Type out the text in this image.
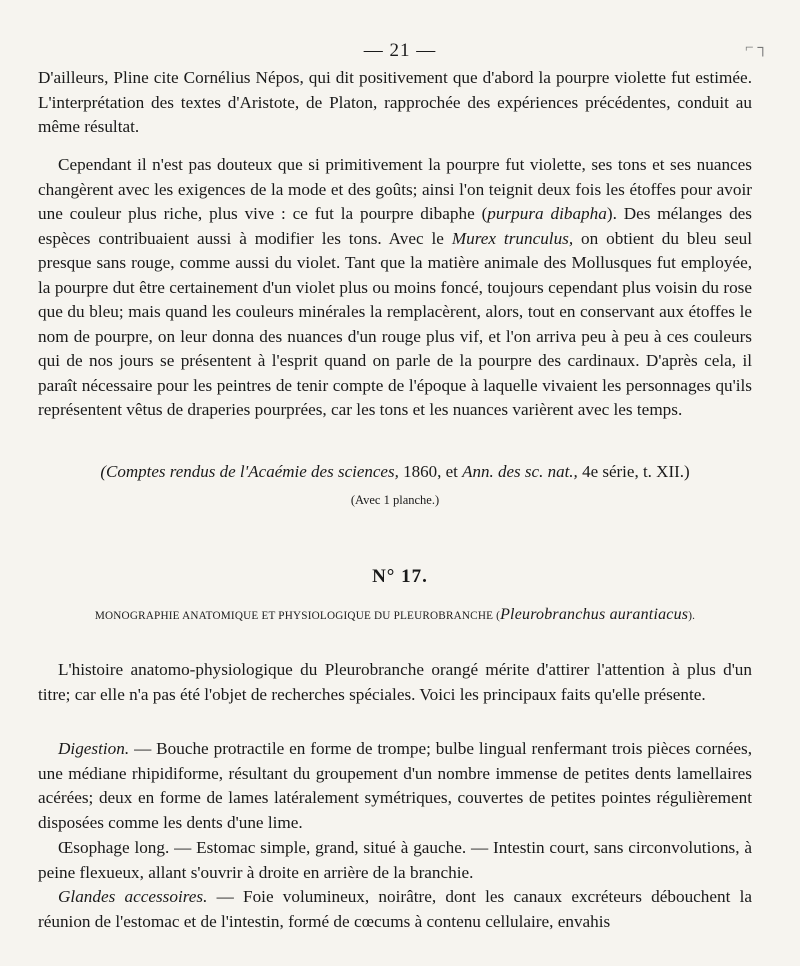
— 21 —	⌐ ┐

D'ailleurs, Pline cite Cornélius Népos, qui dit positivement que d'abord la pourpre violette fut estimée. L'interprétation des textes d'Aristote, de Platon, rapprochée des expériences précédentes, conduit au même résultat.

Cependant il n'est pas douteux que si primitivement la pourpre fut violette, ses tons et ses nuances changèrent avec les exigences de la mode et des goûts; ainsi l'on teignit deux fois les étoffes pour avoir une couleur plus riche, plus vive : ce fut la pourpre dibaphe (purpura dibapha). Des mélanges des espèces contribuaient aussi à modifier les tons. Avec le Murex trunculus, on obtient du bleu seul presque sans rouge, comme aussi du violet. Tant que la matière animale des Mollusques fut employée, la pourpre dut être certainement d'un violet plus ou moins foncé, toujours cependant plus voisin du rose que du bleu; mais quand les couleurs minérales la remplacèrent, alors, tout en conservant aux étoffes le nom de pourpre, on leur donna des nuances d'un rouge plus vif, et l'on arriva peu à peu à ces couleurs qui de nos jours se présentent à l'esprit quand on parle de la pourpre des cardinaux. D'après cela, il paraît nécessaire pour les peintres de tenir compte de l'époque à laquelle vivaient les personnages qu'ils représentent vêtus de draperies pourprées, car les tons et les nuances varièrent avec les temps.

(Comptes rendus de l'Acaémie des sciences, 1860, et Ann. des sc. nat., 4e série, t. XII.)

(Avec 1 planche.)

N° 17.
MONOGRAPHIE ANATOMIQUE ET PHYSIOLOGIQUE DU PLEUROBRANCHE (Pleurobranchus aurantiacus).

L'histoire anatomo-physiologique du Pleurobranche orangé mérite d'attirer l'attention à plus d'un titre; car elle n'a pas été l'objet de recherches spéciales. Voici les principaux faits qu'elle présente.

Digestion. — Bouche protractile en forme de trompe; bulbe lingual renfermant trois pièces cornées, une médiane rhipidiforme, résultant du groupement d'un nombre immense de petites dents lamellaires acérées; deux en forme de lames latéralement symétriques, couvertes de petites pointes régulièrement disposées comme les dents d'une lime.

Œsophage long. — Estomac simple, grand, situé à gauche. — Intestin court, sans circonvolutions, à peine flexueux, allant s'ouvrir à droite en arrière de la branchie.

Glandes accessoires. — Foie volumineux, noirâtre, dont les canaux excréteurs débouchent la réunion de l'estomac et de l'intestin, formé de cœcums à contenu cellulaire, envahis
